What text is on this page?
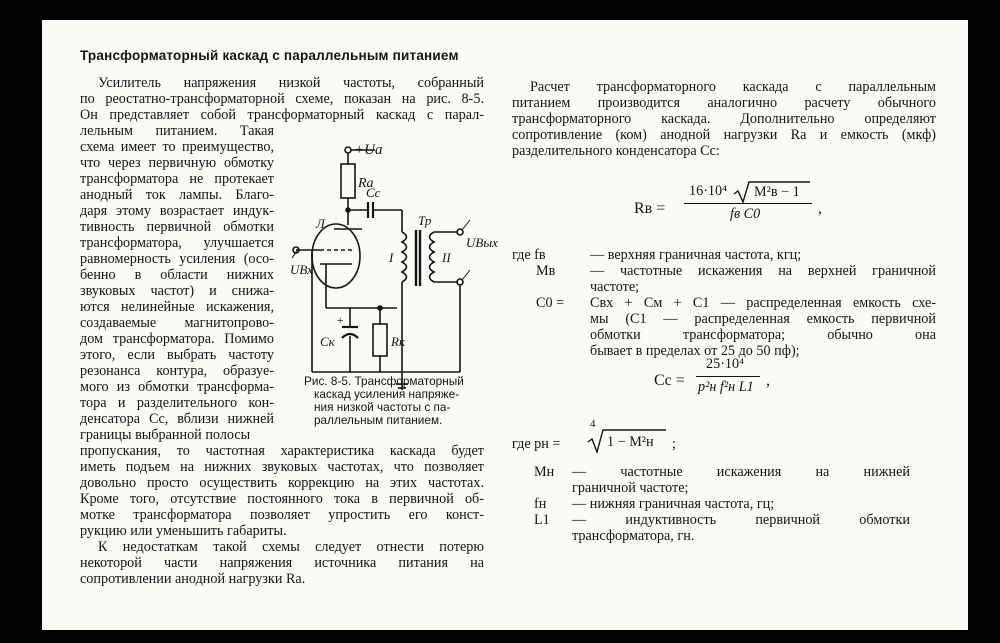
Трансформаторный каскад с параллельным питанием
Усилитель напряжения низкой частоты, собранный
по реостатно-трансформаторной схеме, показан на рис. 8-5.
Он представляет собой трансформаторный каскад с парал-
лельным питанием. Такая
схема имеет то преимущество,
что через первичную обмотку
трансформатора не протекает
анодный ток лампы. Благо-
даря этому возрастает индук-
тивность первичной обмотки
трансформатора, улучшается
равномерность усиления (осо-
бенно в области нижних
звуковых частот) и снижа-
ются нелинейные искажения,
создаваемые магнитопрово-
дом трансформатора. Помимо
этого, если выбрать частоту
резонанса контура, образуе-
мого из обмотки трансформа-
тора и разделительного кон-
денсатора Cс, вблизи нижней
границы выбранной полосы
пропускания, то частотная характеристика каскада будет
иметь подъем на нижних звуковых частотах, что позволяет
довольно просто осуществить коррекцию на этих частотах.
Кроме того, отсутствие постоянного тока в первичной об-
мотке трансформатора позволяет упростить его конст-
рукцию или уменьшить габариты.
К недостаткам такой схемы следует отнести потерю
некоторой части напряжения источника питания на
сопротивлении анодной нагрузки Rа.
+Ua
Ra
Cc
Тр
Л
I	II
UВх
UВых
Cк	Rк
+
Рис. 8-5. Трансформаторный
каскад усиления напряже-
ния низкой частоты с па-
раллельным питанием.
Расчет трансформаторного каскада с параллельным
питанием производится аналогично расчету обычного
трансформаторного каскада. Дополнительно определяют
сопротивление (ком) анодной нагрузки Rа и емкость (мкф)
разделительного конденсатора Cс:
Rв =
16·10⁴ M²в − 1
fв C0	,
где fв	— верхняя граничная частота, кгц;
Mв — частотные искажения на верхней граничной
частоте;
C0 = Cвх + Cм + C1 — распределенная емкость схе-
мы (C1 — распределенная емкость первичной
обмотки трансформатора; обычно она
бывает в пределах от 25 до 50 пф);
Cc =
25·10⁴
p²н f²н L1 ,
где pн =
4
1 − M²н ;
Mн — частотные искажения на нижней
граничной частоте;
fн — нижняя граничная частота, гц;
L1 — индуктивность первичной обмотки
трансформатора, гн.
